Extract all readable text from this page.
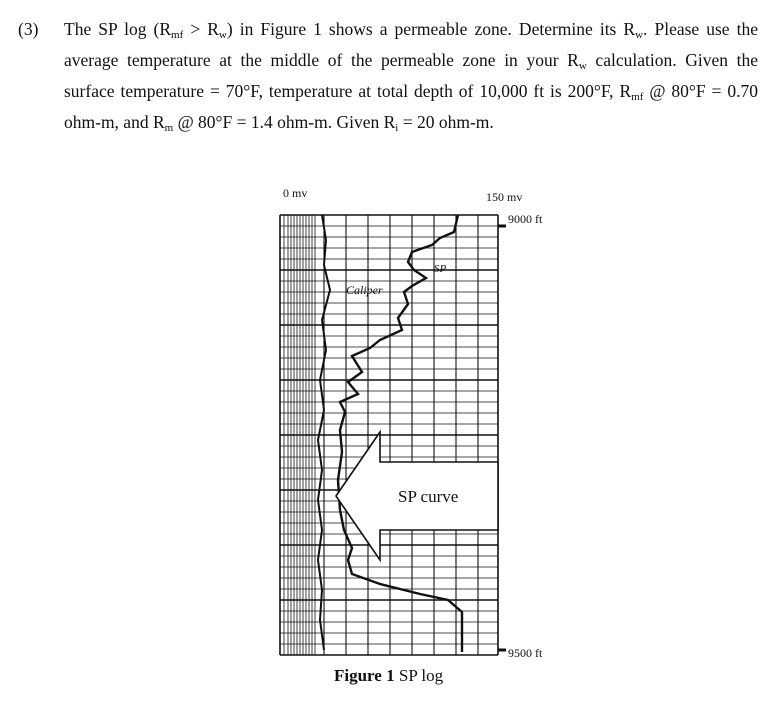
(3) The SP $\log (R_{mf} > R_w)$ in Figure 1 shows a permeable zone. Determine its $R_w$. Please use the
average temperature at the middle of the permeable zone in your $R_w$ calculation. Given the
surface temperature = 70°F, temperature at total depth of 10,000 ft is 200°F, $R_{mf}$ @ 80°F = 0.70
ohm-m, and $R_m$ @ 80°F = 1.4 ohm-m. Given $R_i = 20$ ohm-m.
0 mv	150 mv
9000 ft
9500 ft
Caliper
SP
SP curve
Figure 1 SP log
